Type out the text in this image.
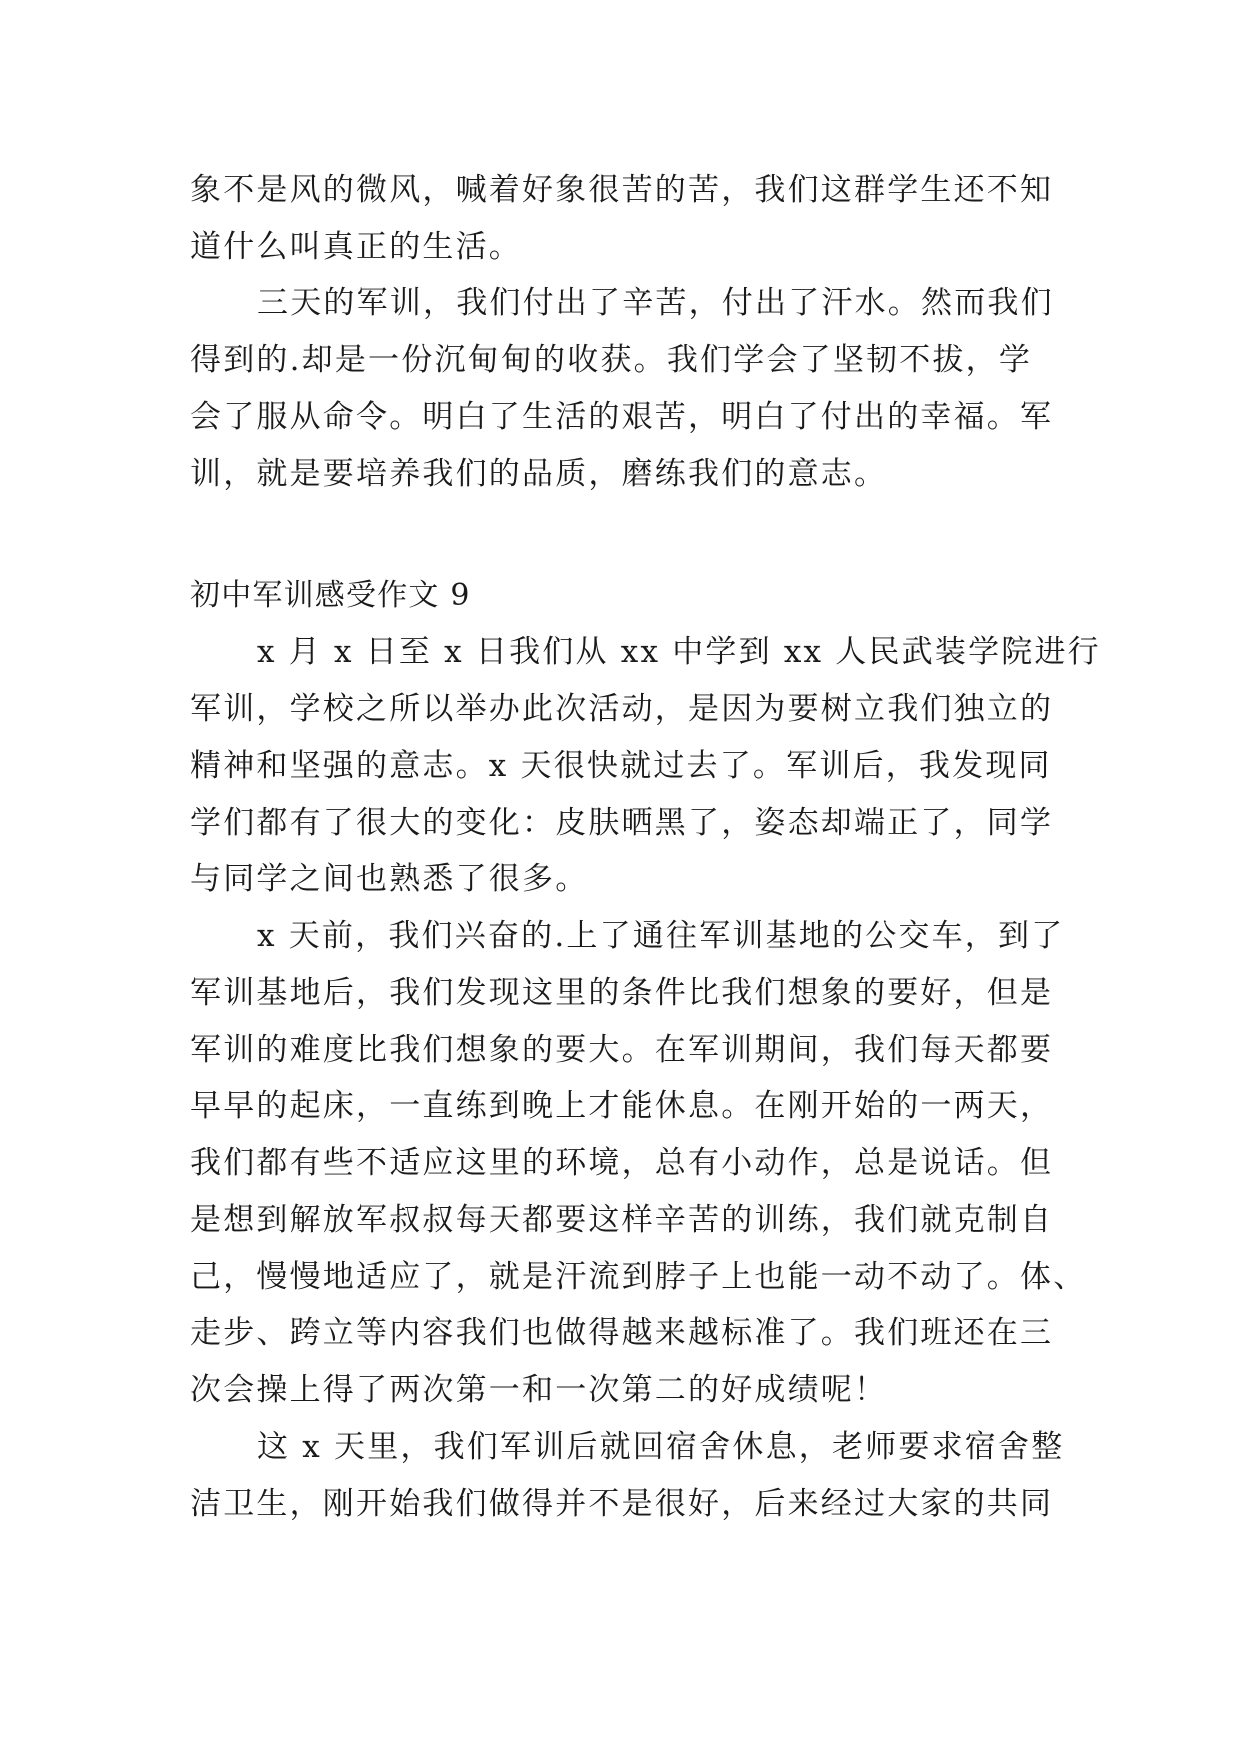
象不是风的微风，喊着好象很苦的苦，我们这群学生还不知
道什么叫真正的生活。
三天的军训，我们付出了辛苦，付出了汗水。然而我们
得到的.却是一份沉甸甸的收获。我们学会了坚韧不拔，学
会了服从命令。明白了生活的艰苦，明白了付出的幸福。军
训，就是要培养我们的品质，磨练我们的意志。
初中军训感受作文 9
x 月 x 日至 x 日我们从 xx 中学到 xx 人民武装学院进行
军训，学校之所以举办此次活动，是因为要树立我们独立的
精神和坚强的意志。x 天很快就过去了。军训后，我发现同
学们都有了很大的变化：皮肤晒黑了，姿态却端正了，同学
与同学之间也熟悉了很多。
x 天前，我们兴奋的.上了通往军训基地的公交车，到了
军训基地后，我们发现这里的条件比我们想象的要好，但是
军训的难度比我们想象的要大。在军训期间，我们每天都要
早早的起床，一直练到晚上才能休息。在刚开始的一两天，
我们都有些不适应这里的环境，总有小动作，总是说话。但
是想到解放军叔叔每天都要这样辛苦的训练，我们就克制自
己，慢慢地适应了，就是汗流到脖子上也能一动不动了。体、
走步、跨立等内容我们也做得越来越标准了。我们班还在三
次会操上得了两次第一和一次第二的好成绩呢！
这 x 天里，我们军训后就回宿舍休息，老师要求宿舍整
洁卫生，刚开始我们做得并不是很好，后来经过大家的共同
